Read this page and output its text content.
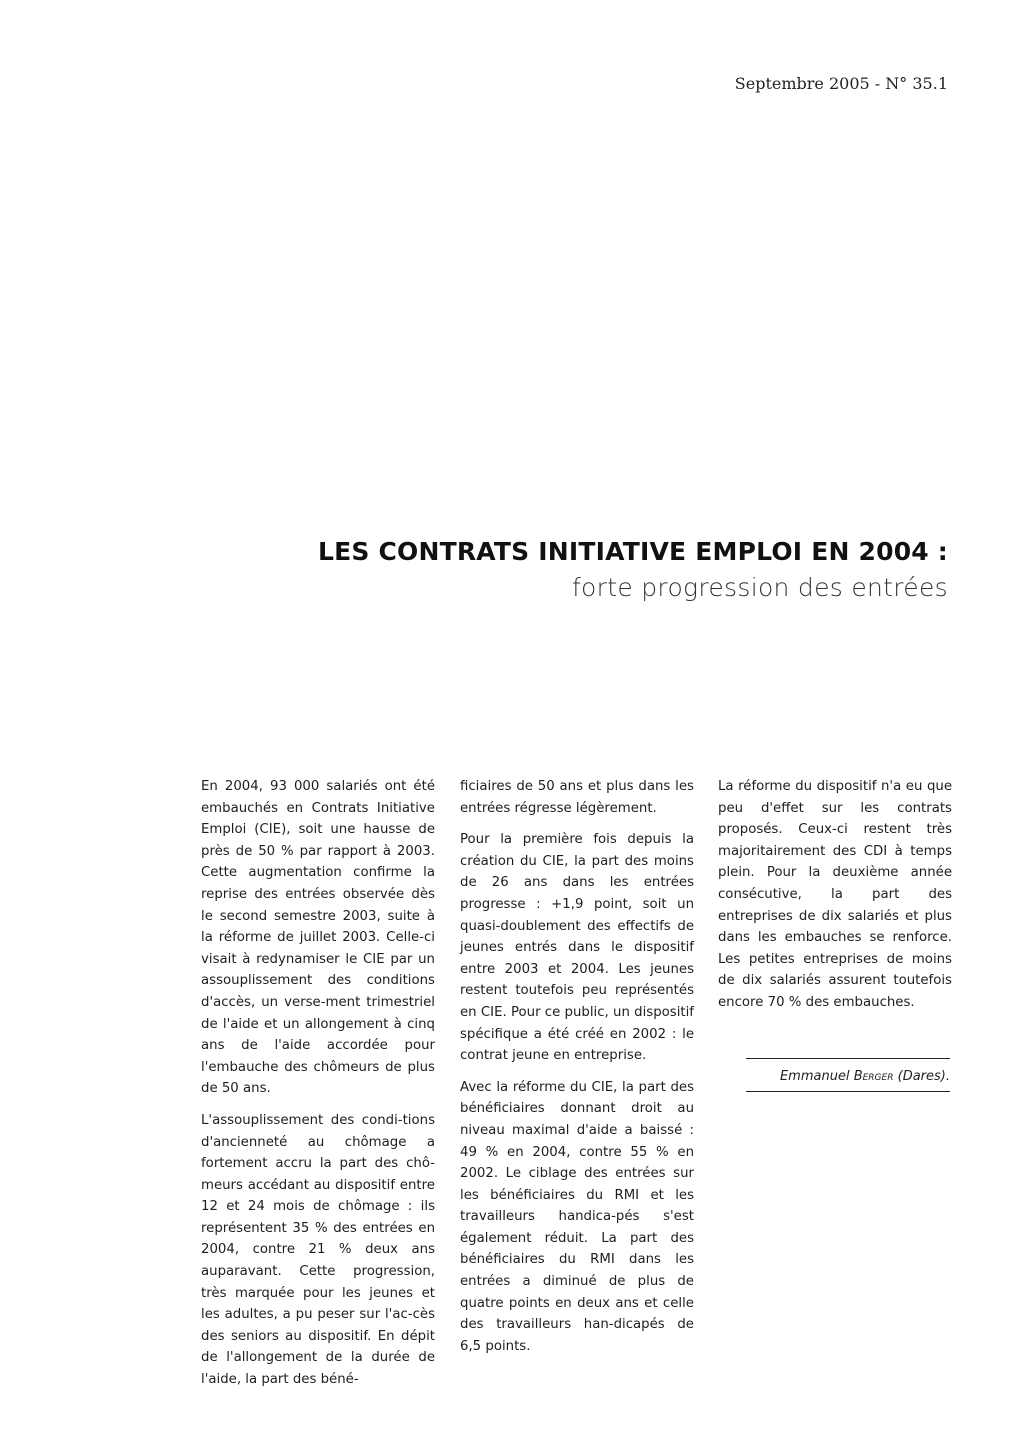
Septembre 2005 - N° 35.1
LES CONTRATS INITIATIVE EMPLOI EN 2004 :
forte progression des entrées

En 2004, 93 000 salariés ont été embauchés en Contrats Initiative Emploi (CIE), soit une hausse de près de 50 % par rapport à 2003. Cette augmentation confirme la reprise des entrées observée dès le second semestre 2003, suite à la réforme de juillet 2003. Celle-ci visait à redynamiser le CIE par un assouplissement des conditions d'accès, un verse-ment trimestriel de l'aide et un allongement à cinq ans de l'aide accordée pour l'embauche des chômeurs de plus de 50 ans.

L'assouplissement des condi-tions d'ancienneté au chômage a fortement accru la part des chô-meurs accédant au dispositif entre 12 et 24 mois de chômage : ils représentent 35 % des entrées en 2004, contre 21 % deux ans auparavant. Cette progression, très marquée pour les jeunes et les adultes, a pu peser sur l'ac-cès des seniors au dispositif. En dépit de l'allongement de la durée de l'aide, la part des béné-

ficiaires de 50 ans et plus dans les entrées régresse légèrement.

Pour la première fois depuis la création du CIE, la part des moins de 26 ans dans les entrées progresse : +1,9 point, soit un quasi-doublement des effectifs de jeunes entrés dans le dispositif entre 2003 et 2004. Les jeunes restent toutefois peu représentés en CIE. Pour ce public, un dispositif spécifique a été créé en 2002 : le contrat jeune en entreprise.

Avec la réforme du CIE, la part des bénéficiaires donnant droit au niveau maximal d'aide a baissé : 49 % en 2004, contre 55 % en 2002. Le ciblage des entrées sur les bénéficiaires du RMI et les travailleurs handica-pés s'est également réduit. La part des bénéficiaires du RMI dans les entrées a diminué de plus de quatre points en deux ans et celle des travailleurs han-dicapés de 6,5 points.

La réforme du dispositif n'a eu que peu d'effet sur les contrats proposés. Ceux-ci restent très majoritairement des CDI à temps plein. Pour la deuxième année consécutive, la part des entreprises de dix salariés et plus dans les embauches se renforce. Les petites entreprises de moins de dix salariés assurent toutefois encore 70 % des embauches.

Emmanuel Berger (Dares).
